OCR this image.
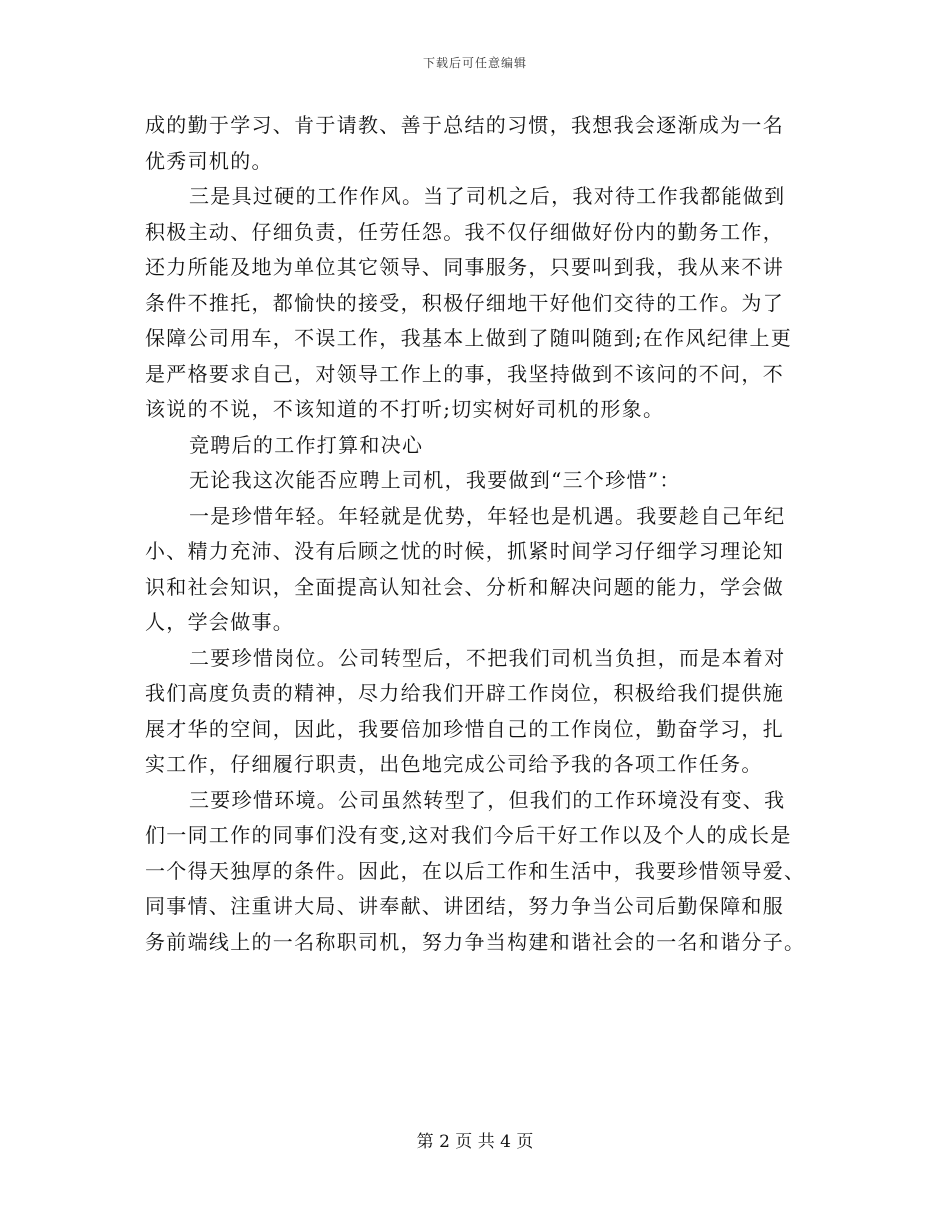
下载后可任意编辑
成的勤于学习、肯于请教、善于总结的习惯，我想我会逐渐成为一名
优秀司机的。
三是具过硬的工作作风。当了司机之后，我对待工作我都能做到
积极主动、仔细负责，任劳任怨。我不仅仔细做好份内的勤务工作，
还力所能及地为单位其它领导、同事服务，只要叫到我，我从来不讲
条件不推托，都愉快的接受，积极仔细地干好他们交待的工作。为了
保障公司用车，不误工作，我基本上做到了随叫随到;在作风纪律上更
是严格要求自己，对领导工作上的事，我坚持做到不该问的不问，不
该说的不说，不该知道的不打听;切实树好司机的形象。
竞聘后的工作打算和决心
无论我这次能否应聘上司机，我要做到“三个珍惜”：
一是珍惜年轻。年轻就是优势，年轻也是机遇。我要趁自己年纪
小、精力充沛、没有后顾之忧的时候，抓紧时间学习仔细学习理论知
识和社会知识，全面提高认知社会、分析和解决问题的能力，学会做
人，学会做事。
二要珍惜岗位。公司转型后，不把我们司机当负担，而是本着对
我们高度负责的精神，尽力给我们开辟工作岗位，积极给我们提供施
展才华的空间，因此，我要倍加珍惜自己的工作岗位，勤奋学习，扎
实工作，仔细履行职责，出色地完成公司给予我的各项工作任务。
三要珍惜环境。公司虽然转型了，但我们的工作环境没有变、我
们一同工作的同事们没有变,这对我们今后干好工作以及个人的成长是
一个得天独厚的条件。因此，在以后工作和生活中，我要珍惜领导爱、
同事情、注重讲大局、讲奉献、讲团结，努力争当公司后勤保障和服
务前端线上的一名称职司机，努力争当构建和谐社会的一名和谐分子。
第 2 页 共 4 页
